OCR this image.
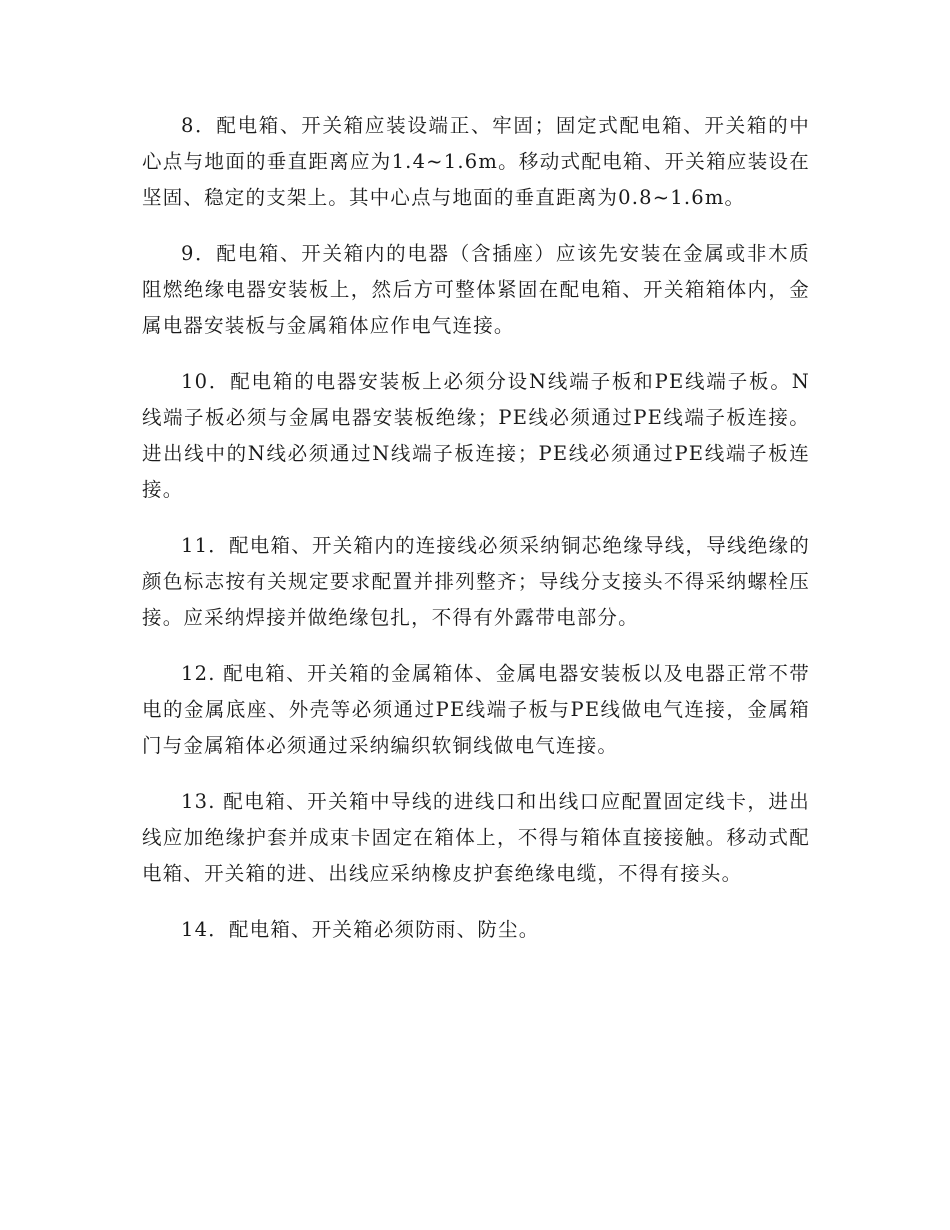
8．配电箱、开关箱应装设端正、牢固；固定式配电箱、开关箱的中心点与地面的垂直距离应为1.4~1.6m。移动式配电箱、开关箱应装设在坚固、稳定的支架上。其中心点与地面的垂直距离为0.8~1.6m。

9．配电箱、开关箱内的电器（含插座）应该先安装在金属或非木质阻燃绝缘电器安装板上，然后方可整体紧固在配电箱、开关箱箱体内，金属电器安装板与金属箱体应作电气连接。

10．配电箱的电器安装板上必须分设N线端子板和PE线端子板。N线端子板必须与金属电器安装板绝缘；PE线必须通过PE线端子板连接。进出线中的N线必须通过N线端子板连接；PE线必须通过PE线端子板连接。

11．配电箱、开关箱内的连接线必须采纳铜芯绝缘导线，导线绝缘的颜色标志按有关规定要求配置并排列整齐；导线分支接头不得采纳螺栓压接。应采纳焊接并做绝缘包扎，不得有外露带电部分。

12. 配电箱、开关箱的金属箱体、金属电器安装板以及电器正常不带电的金属底座、外壳等必须通过PE线端子板与PE线做电气连接，金属箱门与金属箱体必须通过采纳编织软铜线做电气连接。

13. 配电箱、开关箱中导线的进线口和出线口应配置固定线卡，进出线应加绝缘护套并成束卡固定在箱体上，不得与箱体直接接触。移动式配电箱、开关箱的进、出线应采纳橡皮护套绝缘电缆，不得有接头。

14．配电箱、开关箱必须防雨、防尘。
